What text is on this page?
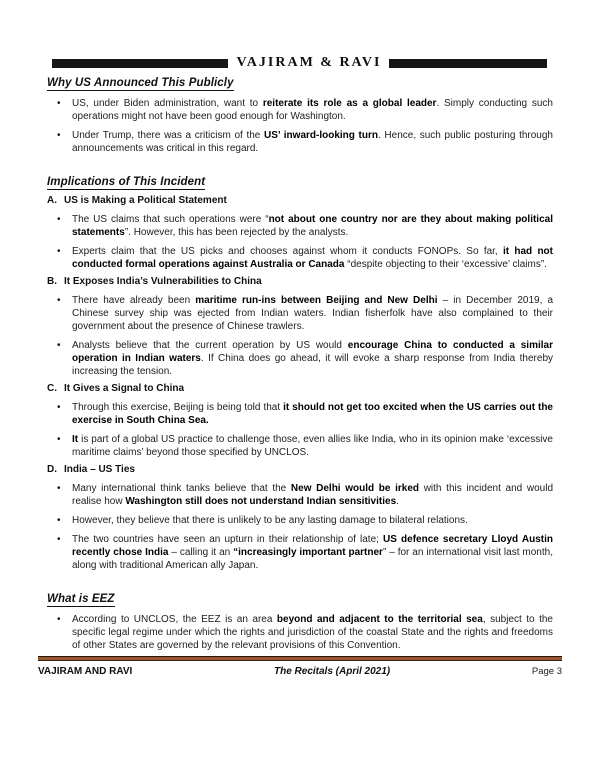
VAJIRAM & RAVI
Why US Announced This Publicly
•	US, under Biden administration, want to reiterate its role as a global leader. Simply conducting such operations might not have been good enough for Washington.
•	Under Trump, there was a criticism of the US’ inward-looking turn. Hence, such public posturing through announcements was critical in this regard.
Implications of This Incident
A. US is Making a Political Statement
•	The US claims that such operations were “not about one country nor are they about making political statements”. However, this has been rejected by the analysts.
•	Experts claim that the US picks and chooses against whom it conducts FONOPs. So far, it had not conducted formal operations against Australia or Canada “despite objecting to their ‘excessive’ claims”.
B. It Exposes India’s Vulnerabilities to China
•	There have already been maritime run-ins between Beijing and New Delhi – in December 2019, a Chinese survey ship was ejected from Indian waters. Indian fisherfolk have also complained to their government about the presence of Chinese trawlers.
•	Analysts believe that the current operation by US would encourage China to conducted a similar operation in Indian waters. If China does go ahead, it will evoke a sharp response from India thereby increasing the tension.
C. It Gives a Signal to China
•	Through this exercise, Beijing is being told that it should not get too excited when the US carries out the exercise in South China Sea.
•	It is part of a global US practice to challenge those, even allies like India, who in its opinion make ‘excessive maritime claims’ beyond those specified by UNCLOS.
D. India – US Ties
•	Many international think tanks believe that the New Delhi would be irked with this incident and would realise how Washington still does not understand Indian sensitivities.
•	However, they believe that there is unlikely to be any lasting damage to bilateral relations.
•	The two countries have seen an upturn in their relationship of late; US defence secretary Lloyd Austin recently chose India – calling it an “increasingly important partner” – for an international visit last month, along with traditional American ally Japan.
What is EEZ
•	According to UNCLOS, the EEZ is an area beyond and adjacent to the territorial sea, subject to the specific legal regime under which the rights and jurisdiction of the coastal State and the rights and freedoms of other States are governed by the relevant provisions of this Convention.
VAJIRAM AND RAVI	The Recitals (April 2021)	Page 3
